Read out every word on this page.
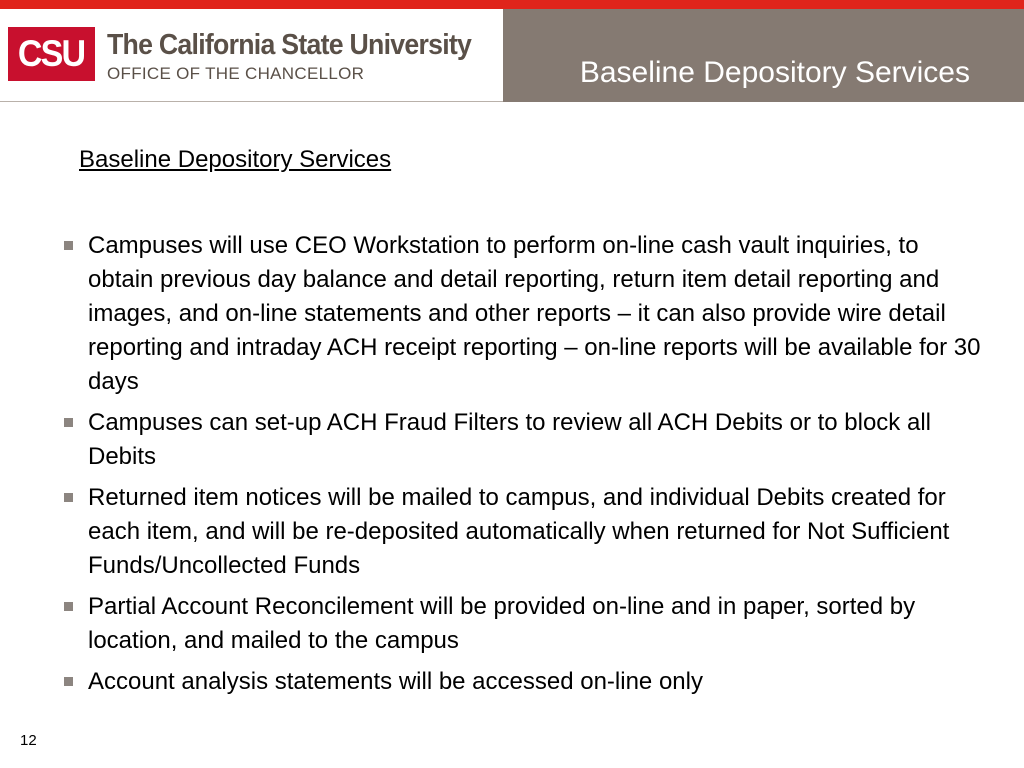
CSU The California State University
OFFICE OF THE CHANCELLOR	Baseline Depository Services
Baseline Depository Services
Campuses will use CEO Workstation to perform on-line cash vault inquiries, to obtain previous day balance and detail reporting, return item detail reporting and images, and on-line statements and other reports – it can also provide wire detail reporting and intraday ACH receipt reporting – on-line reports will be available for 30 days
Campuses can set-up ACH Fraud Filters to review all ACH Debits or to block all Debits
Returned item notices will be mailed to campus, and individual Debits created for each item, and will be re-deposited automatically when returned for Not Sufficient Funds/Uncollected Funds
Partial Account Reconcilement will be provided on-line and in paper, sorted by location, and mailed to the campus
Account analysis statements will be accessed on-line only
12
